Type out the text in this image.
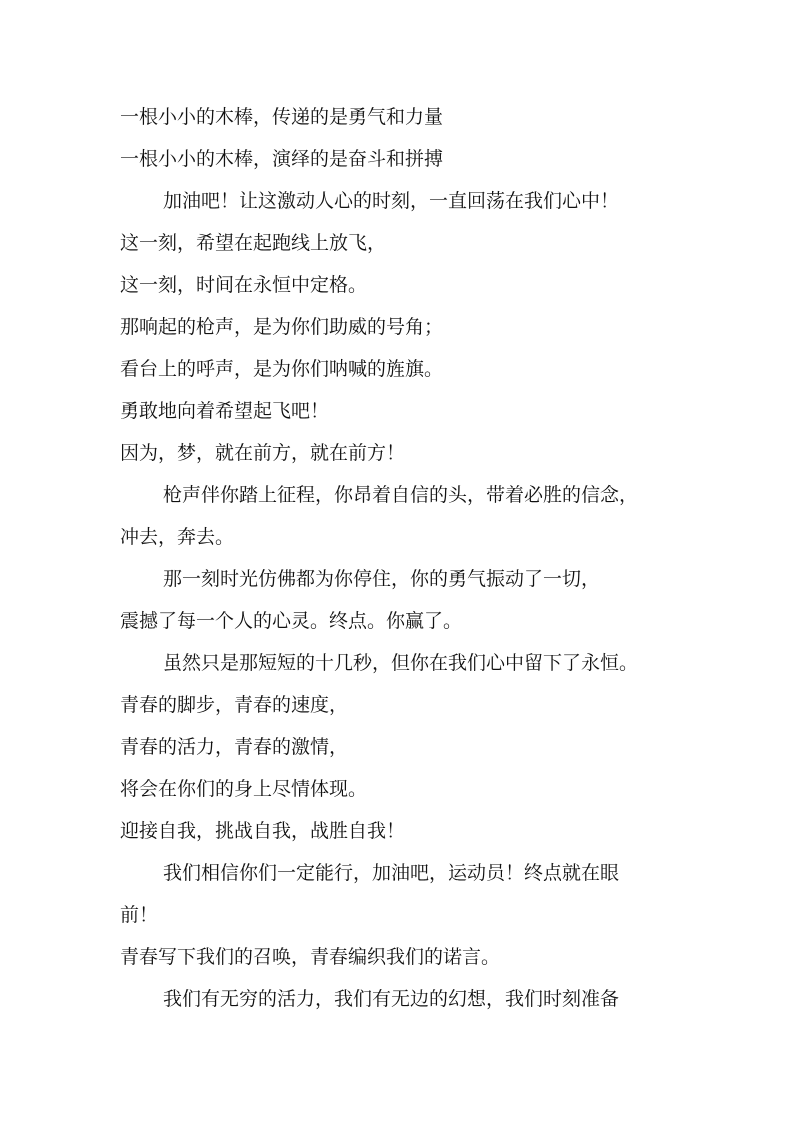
一根小小的木棒，传递的是勇气和力量

一根小小的木棒，演绎的是奋斗和拼搏

加油吧！让这激动人心的时刻，一直回荡在我们心中！

这一刻，希望在起跑线上放飞，

这一刻，时间在永恒中定格。

那响起的枪声，是为你们助威的号角；

看台上的呼声，是为你们呐喊的旌旗。

勇敢地向着希望起飞吧！

因为，梦，就在前方，就在前方！

枪声伴你踏上征程，你昂着自信的头，带着必胜的信念，

冲去，奔去。

那一刻时光仿佛都为你停住，你的勇气振动了一切，

震撼了每一个人的心灵。终点。你赢了。

虽然只是那短短的十几秒，但你在我们心中留下了永恒。

青春的脚步，青春的速度，

青春的活力，青春的激情，

将会在你们的身上尽情体现。

迎接自我，挑战自我，战胜自我！

我们相信你们一定能行，加油吧，运动员！终点就在眼

前！

青春写下我们的召唤，青春编织我们的诺言。

我们有无穷的活力，我们有无边的幻想，我们时刻准备
